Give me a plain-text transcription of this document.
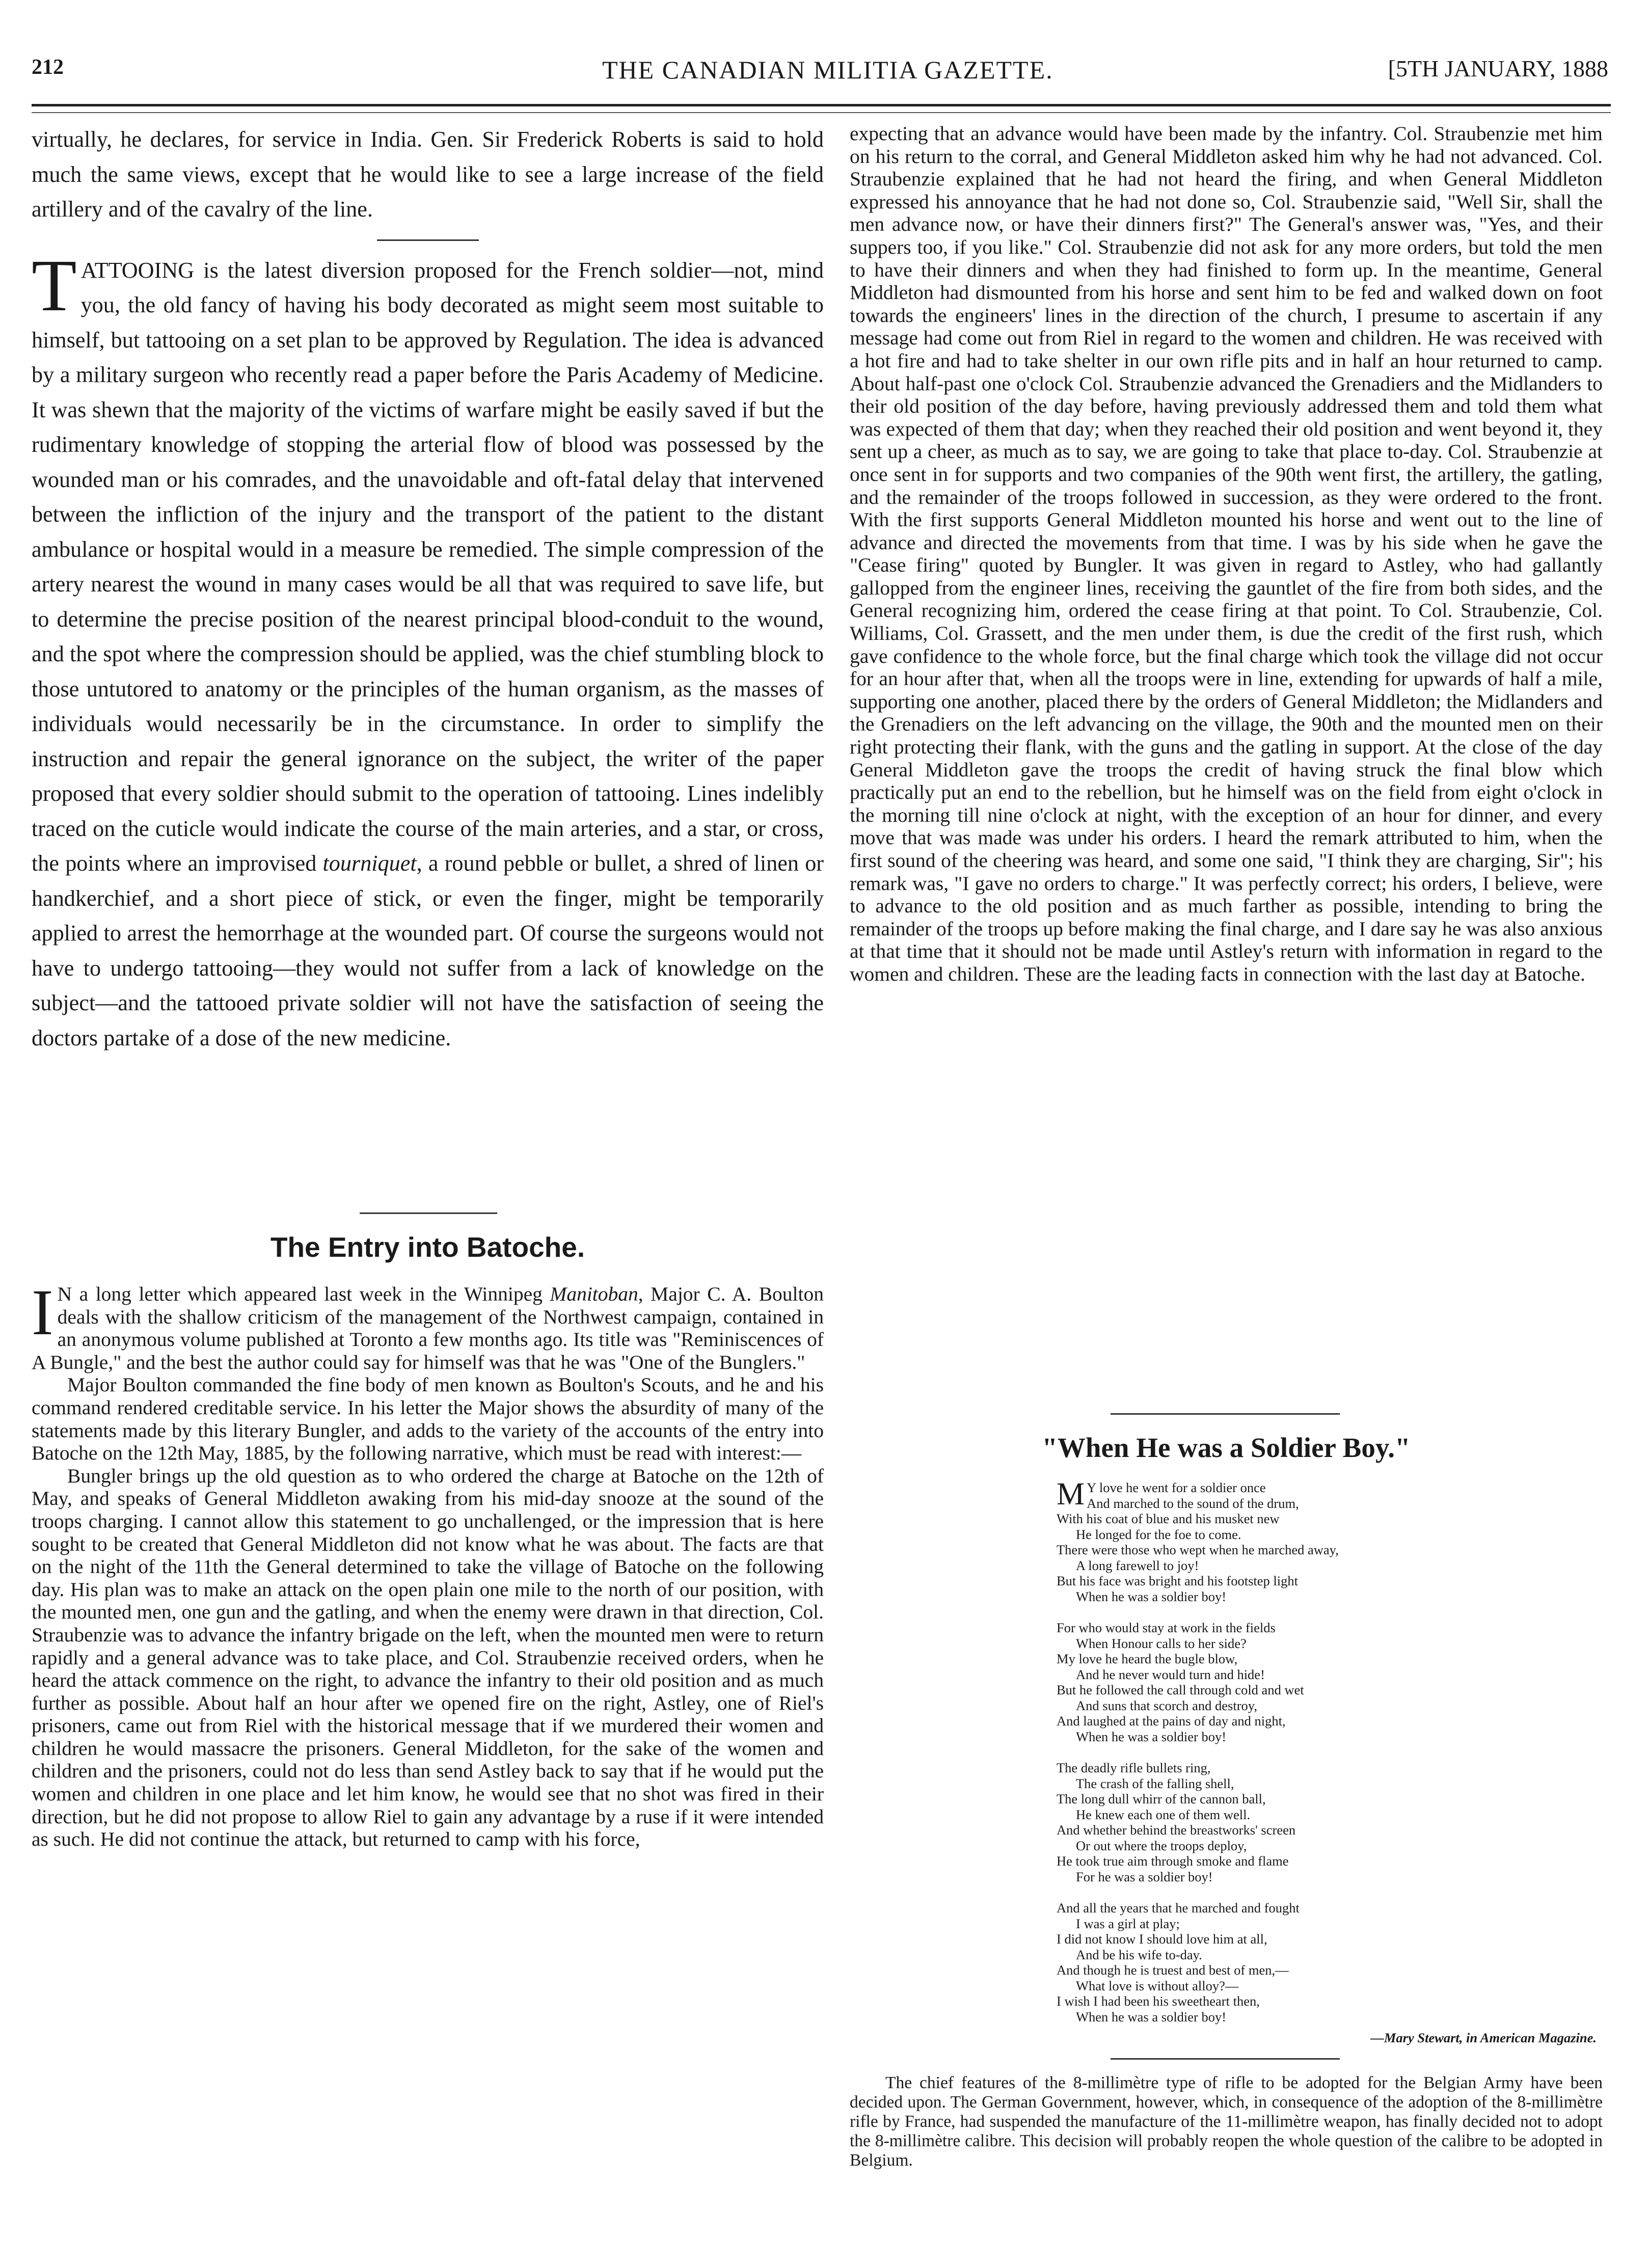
212	THE CANADIAN MILITIA GAZETTE.	[5TH JANUARY, 1888

virtually, he declares, for service in India. Gen. Sir Frederick Roberts is said to hold much the same views, except that he would like to see a large increase of the field artillery and of the cavalry of the line.

TATTOOING is the latest diversion proposed for the French soldier—not, mind you, the old fancy of having his body decorated as might seem most suitable to himself, but tattooing on a set plan to be approved by Regulation. The idea is advanced by a military surgeon who recently read a paper before the Paris Academy of Medicine. It was shewn that the majority of the victims of warfare might be easily saved if but the rudimentary knowledge of stopping the arterial flow of blood was possessed by the wounded man or his comrades, and the unavoidable and oft-fatal delay that intervened between the infliction of the injury and the transport of the patient to the distant ambulance or hospital would in a measure be remedied. The simple compression of the artery nearest the wound in many cases would be all that was required to save life, but to determine the precise position of the nearest principal blood-conduit to the wound, and the spot where the compression should be applied, was the chief stumbling block to those untutored to anatomy or the principles of the human organism, as the masses of individuals would necessarily be in the circumstance. In order to simplify the instruction and repair the general ignorance on the subject, the writer of the paper proposed that every soldier should submit to the operation of tattooing. Lines indelibly traced on the cuticle would indicate the course of the main arteries, and a star, or cross, the points where an improvised tourniquet, a round pebble or bullet, a shred of linen or handkerchief, and a short piece of stick, or even the finger, might be temporarily applied to arrest the hemorrhage at the wounded part. Of course the surgeons would not have to undergo tattooing—they would not suffer from a lack of knowledge on the subject—and the tattooed private soldier will not have the satisfaction of seeing the doctors partake of a dose of the new medicine.

The Entry into Batoche.

I N a long letter which appeared last week in the Winnipeg Manitoban, Major C. A. Boulton deals with the shallow criticism of the management of the Northwest campaign, contained in an anonymous volume published at Toronto a few months ago. Its title was "Reminiscences of A Bungle," and the best the author could say for himself was that he was "One of the Bunglers."

Major Boulton commanded the fine body of men known as Boulton's Scouts, and he and his command rendered creditable service. In his letter the Major shows the absurdity of many of the statements made by this literary Bungler, and adds to the variety of the accounts of the entry into Batoche on the 12th May, 1885, by the following narrative, which must be read with interest:—

Bungler brings up the old question as to who ordered the charge at Batoche on the 12th of May, and speaks of General Middleton awaking from his mid-day snooze at the sound of the troops charging. I cannot allow this statement to go unchallenged, or the impression that is here sought to be created that General Middleton did not know what he was about. The facts are that on the night of the 11th the General determined to take the village of Batoche on the following day. His plan was to make an attack on the open plain one mile to the north of our position, with the mounted men, one gun and the gatling, and when the enemy were drawn in that direction, Col. Straubenzie was to advance the infantry brigade on the left, when the mounted men were to return rapidly and a general advance was to take place, and Col. Straubenzie received orders, when he heard the attack commence on the right, to advance the infantry to their old position and as much further as possible. About half an hour after we opened fire on the right, Astley, one of Riel's prisoners, came out from Riel with the historical message that if we murdered their women and children he would massacre the prisoners. General Middleton, for the sake of the women and children and the prisoners, could not do less than send Astley back to say that if he would put the women and children in one place and let him know, he would see that no shot was fired in their direction, but he did not propose to allow Riel to gain any advantage by a ruse if it were intended as such. He did not continue the attack, but returned to camp with his force,

expecting that an advance would have been made by the infantry. Col. Straubenzie met him on his return to the corral, and General Middleton asked him why he had not advanced. Col. Straubenzie explained that he had not heard the firing, and when General Middleton expressed his annoyance that he had not done so, Col. Straubenzie said, "Well Sir, shall the men advance now, or have their dinners first?" The General's answer was, "Yes, and their suppers too, if you like." Col. Straubenzie did not ask for any more orders, but told the men to have their dinners and when they had finished to form up. In the meantime, General Middleton had dismounted from his horse and sent him to be fed and walked down on foot towards the engineers' lines in the direction of the church, I presume to ascertain if any message had come out from Riel in regard to the women and children. He was received with a hot fire and had to take shelter in our own rifle pits and in half an hour returned to camp. About half-past one o'clock Col. Straubenzie advanced the Grenadiers and the Midlanders to their old position of the day before, having previously addressed them and told them what was expected of them that day; when they reached their old position and went beyond it, they sent up a cheer, as much as to say, we are going to take that place to-day. Col. Straubenzie at once sent in for supports and two companies of the 90th went first, the artillery, the gatling, and the remainder of the troops followed in succession, as they were ordered to the front. With the first supports General Middleton mounted his horse and went out to the line of advance and directed the movements from that time. I was by his side when he gave the "Cease firing" quoted by Bungler. It was given in regard to Astley, who had gallantly gallopped from the engineer lines, receiving the gauntlet of the fire from both sides, and the General recognizing him, ordered the cease firing at that point. To Col. Straubenzie, Col. Williams, Col. Grassett, and the men under them, is due the credit of the first rush, which gave confidence to the whole force, but the final charge which took the village did not occur for an hour after that, when all the troops were in line, extending for upwards of half a mile, supporting one another, placed there by the orders of General Middleton; the Midlanders and the Grenadiers on the left advancing on the village, the 90th and the mounted men on their right protecting their flank, with the guns and the gatling in support. At the close of the day General Middleton gave the troops the credit of having struck the final blow which practically put an end to the rebellion, but he himself was on the field from eight o'clock in the morning till nine o'clock at night, with the exception of an hour for dinner, and every move that was made was under his orders. I heard the remark attributed to him, when the first sound of the cheering was heard, and some one said, "I think they are charging, Sir"; his remark was, "I gave no orders to charge." It was perfectly correct; his orders, I believe, were to advance to the old position and as much farther as possible, intending to bring the remainder of the troops up before making the final charge, and I dare say he was also anxious at that time that it should not be made until Astley's return with information in regard to the women and children. These are the leading facts in connection with the last day at Batoche.

"When He was a Soldier Boy."
M Y love he went for a soldier once
And marched to the sound of the drum,
With his coat of blue and his musket new
He longed for the foe to come.
There were those who wept when he marched away,
A long farewell to joy!
But his face was bright and his footstep light
When he was a soldier boy!
For who would stay at work in the fields
When Honour calls to her side?
My love he heard the bugle blow,
And he never would turn and hide!
But he followed the call through cold and wet
And suns that scorch and destroy,
And laughed at the pains of day and night,
When he was a soldier boy!
The deadly rifle bullets ring,
The crash of the falling shell,
The long dull whirr of the cannon ball,
He knew each one of them well.
And whether behind the breastworks' screen
Or out where the troops deploy,
He took true aim through smoke and flame
For he was a soldier boy!
And all the years that he marched and fought
I was a girl at play;
I did not know I should love him at all,
And be his wife to-day.
And though he is truest and best of men,—
What love is without alloy?—
I wish I had been his sweetheart then,
When he was a soldier boy!
—Mary Stewart, in American Magazine.

The chief features of the 8-millimètre type of rifle to be adopted for the Belgian Army have been decided upon. The German Government, however, which, in consequence of the adoption of the 8-millimètre rifle by France, had suspended the manufacture of the 11-millimètre weapon, has finally decided not to adopt the 8-millimètre calibre. This decision will probably reopen the whole question of the calibre to be adopted in Belgium.
